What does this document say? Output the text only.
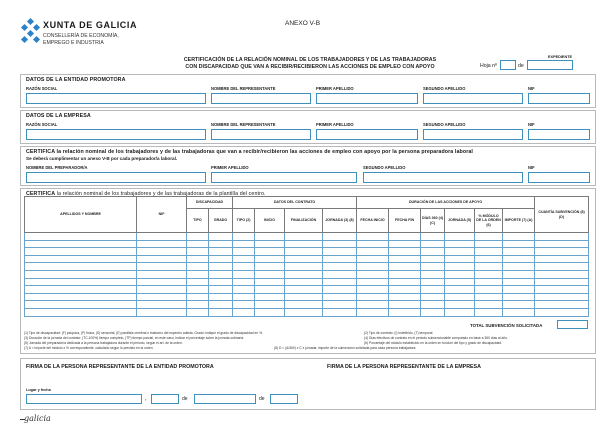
XUNTA DE GALICIA
CONSELLERÍA DE ECONOMÍA,
EMPREGO E INDUSTRIA
ANEXO V-B
CERTIFICACIÓN DE LA RELACIÓN NOMINAL DE LOS TRABAJADORES Y DE LAS TRABAJADORAS
CON DISCAPACIDAD QUE VAN A RECIBIR/RECIBIERON LAS ACCIONES DE EMPLEO CON APOYO
EXPEDIENTE
Hoja nº	de
DATOS DE LA ENTIDAD PROMOTORA
RAZÓN SOCIAL	NOMBRE DEL REPRESENTANTE	PRIMER APELLIDO	SEGUNDO APELLIDO	NIF
DATOS DE LA EMPRESA
RAZÓN SOCIAL	NOMBRE DEL REPRESENTANTE	PRIMER APELLIDO	SEGUNDO APELLIDO	NIF
CERTIFICA la relación nominal de los trabajadores y de las trabajadoras que van a recibir/recibieron las acciones de empleo con apoyo por la persona preparadora laboral
Se deberá cumplimentar un anexo V-B por cada preparador/a laboral.
NOMBRE DEL PREPARADOR/A	PRIMER APELLIDO	SEGUNDO APELLIDO	NIF
CERTIFICA la relación nominal de los trabajadores y de las trabajadoras de la plantilla del centro.
APELLIDOS Y NOMBRE	NIF	DISCAPACIDAD		DATOS DEL CONTRATO				DURACIÓN DE LAS ACCIONES DE APOYO						CUANTÍA SUBVENCIÓN (8) (D)
		TIPO	GRADO	TIPO (2)	INICIO	FINALIZACIÓN	JORNADA (3) (8)	FECHA INICIO	FECHA FIN	DÍAS 360 (4) (C)	JORNADA (5)	% MÓDULO DE LA ORDEN (6)	IMPORTE (7) (A)	

TOTAL SUBVENCIÓN SOLICITADA
(1) Tipo de discapacidad: (F) psíquica, (P) física, (S) sensorial, (E) parálisis cerebral o trastorno del espectro autista. Grado: indique el grado de discapacidad en %.	(2) Tipo de contrato: (I) indefinido, (T) temporal.
(3) Duración de la jornada del contrato: (TC-100%) tiempo completo, (TP) tiempo parcial, en este caso, indicar el porcentaje sobre la jornada ordinaria.	(4) Días efectivos de contrato en el periodo subvencionable computado en base a 360 días al año.
(5) Jornada del preparador/a dedicada a la persona trabajadora durante el periodo, según el art. de la orden.	(6) Porcentaje del módulo establecido en la orden en función del tipo y grado de discapacidad.
(7) A = importe del módulo x % correspondiente, calculado según lo previsto en la orden.	(8) D = (A/360) x C x jornada; importe de la subvención solicitada para cada persona trabajadora.
FIRMA DE LA PERSONA REPRESENTANTE DE LA ENTIDAD PROMOTORA	FIRMA DE LA PERSONA REPRESENTANTE DE LA EMPRESA
Lugar y fecha
,	de	de
galicia
